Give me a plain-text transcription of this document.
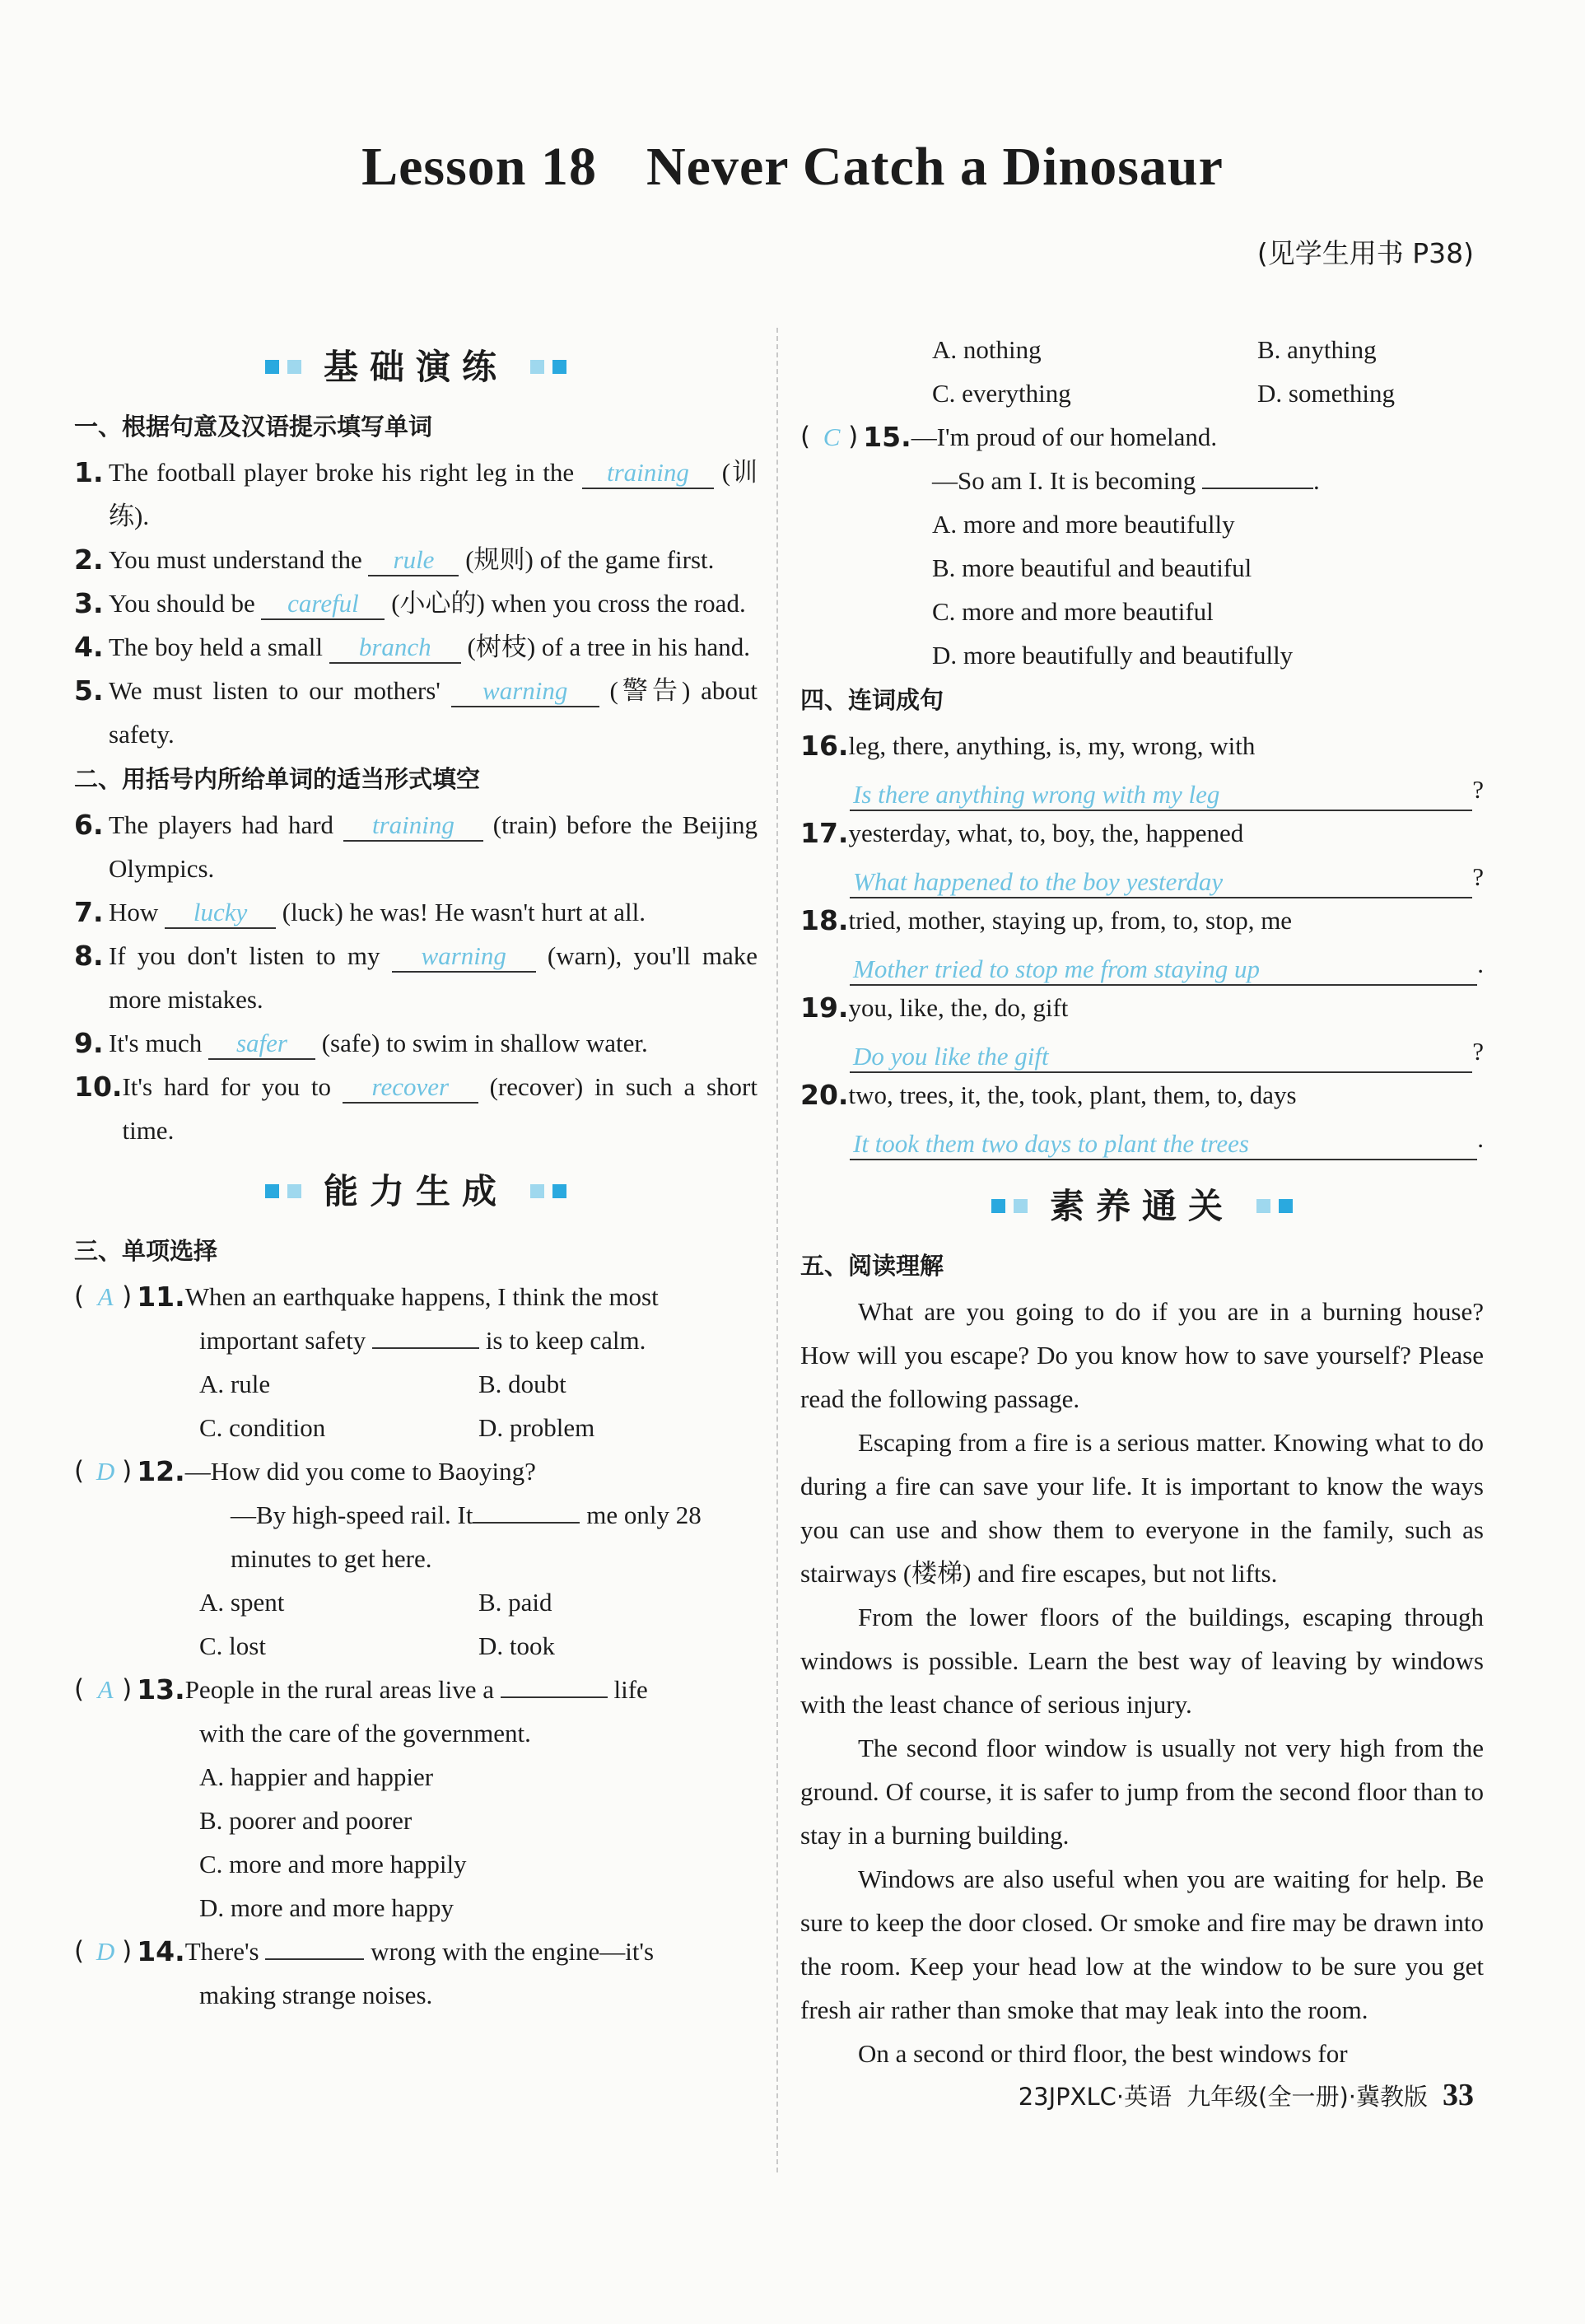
Lesson 18 Never Catch a Dinosaur
(见学生用书 P38)
基础演练
一、根据句意及汉语提示填写单词
1. The football player broke his right leg in the training (训练).
2. You must understand the rule (规则) of the game first.
3. You should be careful (小心的) when you cross the road.
4. The boy held a small branch (树枝) of a tree in his hand.
5. We must listen to our mothers' warning (警告) about safety.
二、用括号内所给单词的适当形式填空
6. The players had hard training (train) before the Beijing Olympics.
7. How lucky (luck) he was! He wasn't hurt at all.
8. If you don't listen to my warning (warn), you'll make more mistakes.
9. It's much safer (safe) to swim in shallow water.
10. It's hard for you to recover (recover) in such a short time.
能力生成
三、单项选择
( A ) 11. When an earthquake happens, I think the most
important safety	is to keep calm.
A. rule	B. doubt
C. condition	D. problem
( D ) 12. —How did you come to Baoying?
—By high-speed rail. It	me only 28
minutes to get here.
A. spent	B. paid
C. lost	D. took
( A ) 13. People in the rural areas live a	life
with the care of the government.
A. happier and happier
B. poorer and poorer
C. more and more happily
D. more and more happy
( D ) 14. There's	wrong with the engine—it's
making strange noises.
A. nothing	B. anything
C. everything	D. something
( C ) 15. —I'm proud of our homeland.
—So am I. It is becoming	.
A. more and more beautifully
B. more beautiful and beautiful
C. more and more beautiful
D. more beautifully and beautifully
四、连词成句
16. leg, there, anything, is, my, wrong, with
Is there anything wrong with my leg	?
17. yesterday, what, to, boy, the, happened
What happened to the boy yesterday	?
18. tried, mother, staying up, from, to, stop, me
Mother tried to stop me from staying up	.
19. you, like, the, do, gift
Do you like the gift	?
20. two, trees, it, the, took, plant, them, to, days
It took them two days to plant the trees	.
素养通关
五、阅读理解
What are you going to do if you are in a burning house? How will you escape? Do you know how to save yourself? Please read the following passage.
Escaping from a fire is a serious matter. Knowing what to do during a fire can save your life. It is important to know the ways you can use and show them to everyone in the family, such as stairways (楼梯) and fire escapes, but not lifts.
From the lower floors of the buildings, escaping through windows is possible. Learn the best way of leaving by windows with the least chance of serious injury.
The second floor window is usually not very high from the ground. Of course, it is safer to jump from the second floor than to stay in a burning building.
Windows are also useful when you are waiting for help. Be sure to keep the door closed. Or smoke and fire may be drawn into the room. Keep your head low at the window to be sure you get fresh air rather than smoke that may leak into the room.
On a second or third floor, the best windows for
23JPXLC·英语 九年级(全一册)·冀教版 33
